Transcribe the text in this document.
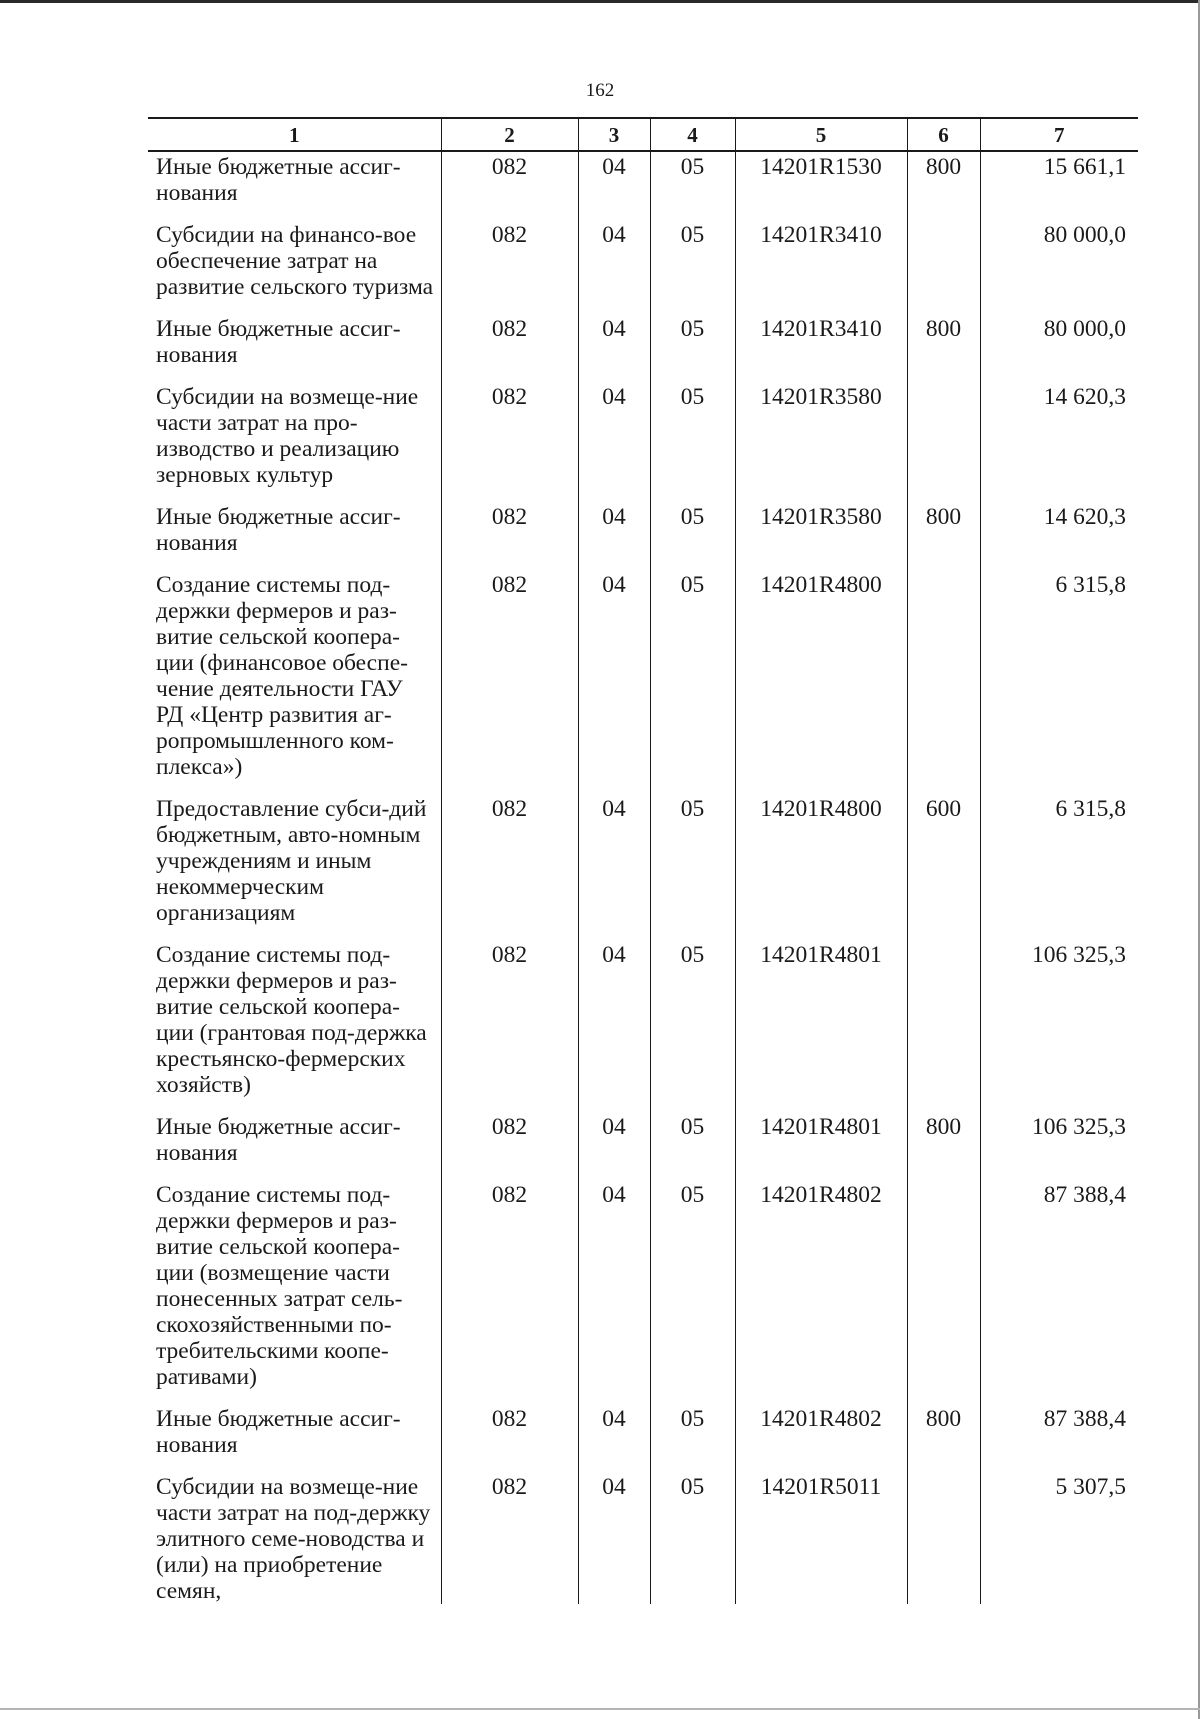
162
1	2	3	4	5	6	7
Иные бюджетные ассиг-нования	082	04	05	14201R1530	800	15 661,1
Субсидии на финансо-вое обеспечение затрат на развитие сельского туризма	082	04	05	14201R3410		80 000,0
Иные бюджетные ассиг-нования	082	04	05	14201R3410	800	80 000,0
Субсидии на возмеще-ние части затрат на про-изводство и реализацию зерновых культур	082	04	05	14201R3580		14 620,3
Иные бюджетные ассиг-нования	082	04	05	14201R3580	800	14 620,3
Создание системы под-держки фермеров и раз-витие сельской коопера-ции (финансовое обеспе-чение деятельности ГАУ РД «Центр развития аг-ропромышленного ком-плекса»)	082	04	05	14201R4800		6 315,8
Предоставление субси-дий бюджетным, авто-номным учреждениям и иным некоммерческим организациям	082	04	05	14201R4800	600	6 315,8
Создание системы под-держки фермеров и раз-витие сельской коопера-ции (грантовая под-держка крестьянско-фермерских хозяйств)	082	04	05	14201R4801		106 325,3
Иные бюджетные ассиг-нования	082	04	05	14201R4801	800	106 325,3
Создание системы под-держки фермеров и раз-витие сельской коопера-ции (возмещение части понесенных затрат сель-скохозяйственными по-требительскими коопе-ративами)	082	04	05	14201R4802		87 388,4
Иные бюджетные ассиг-нования	082	04	05	14201R4802	800	87 388,4
Субсидии на возмеще-ние части затрат на под-держку элитного семе-новодства и (или) на приобретение семян,	082	04	05	14201R5011		5 307,5
